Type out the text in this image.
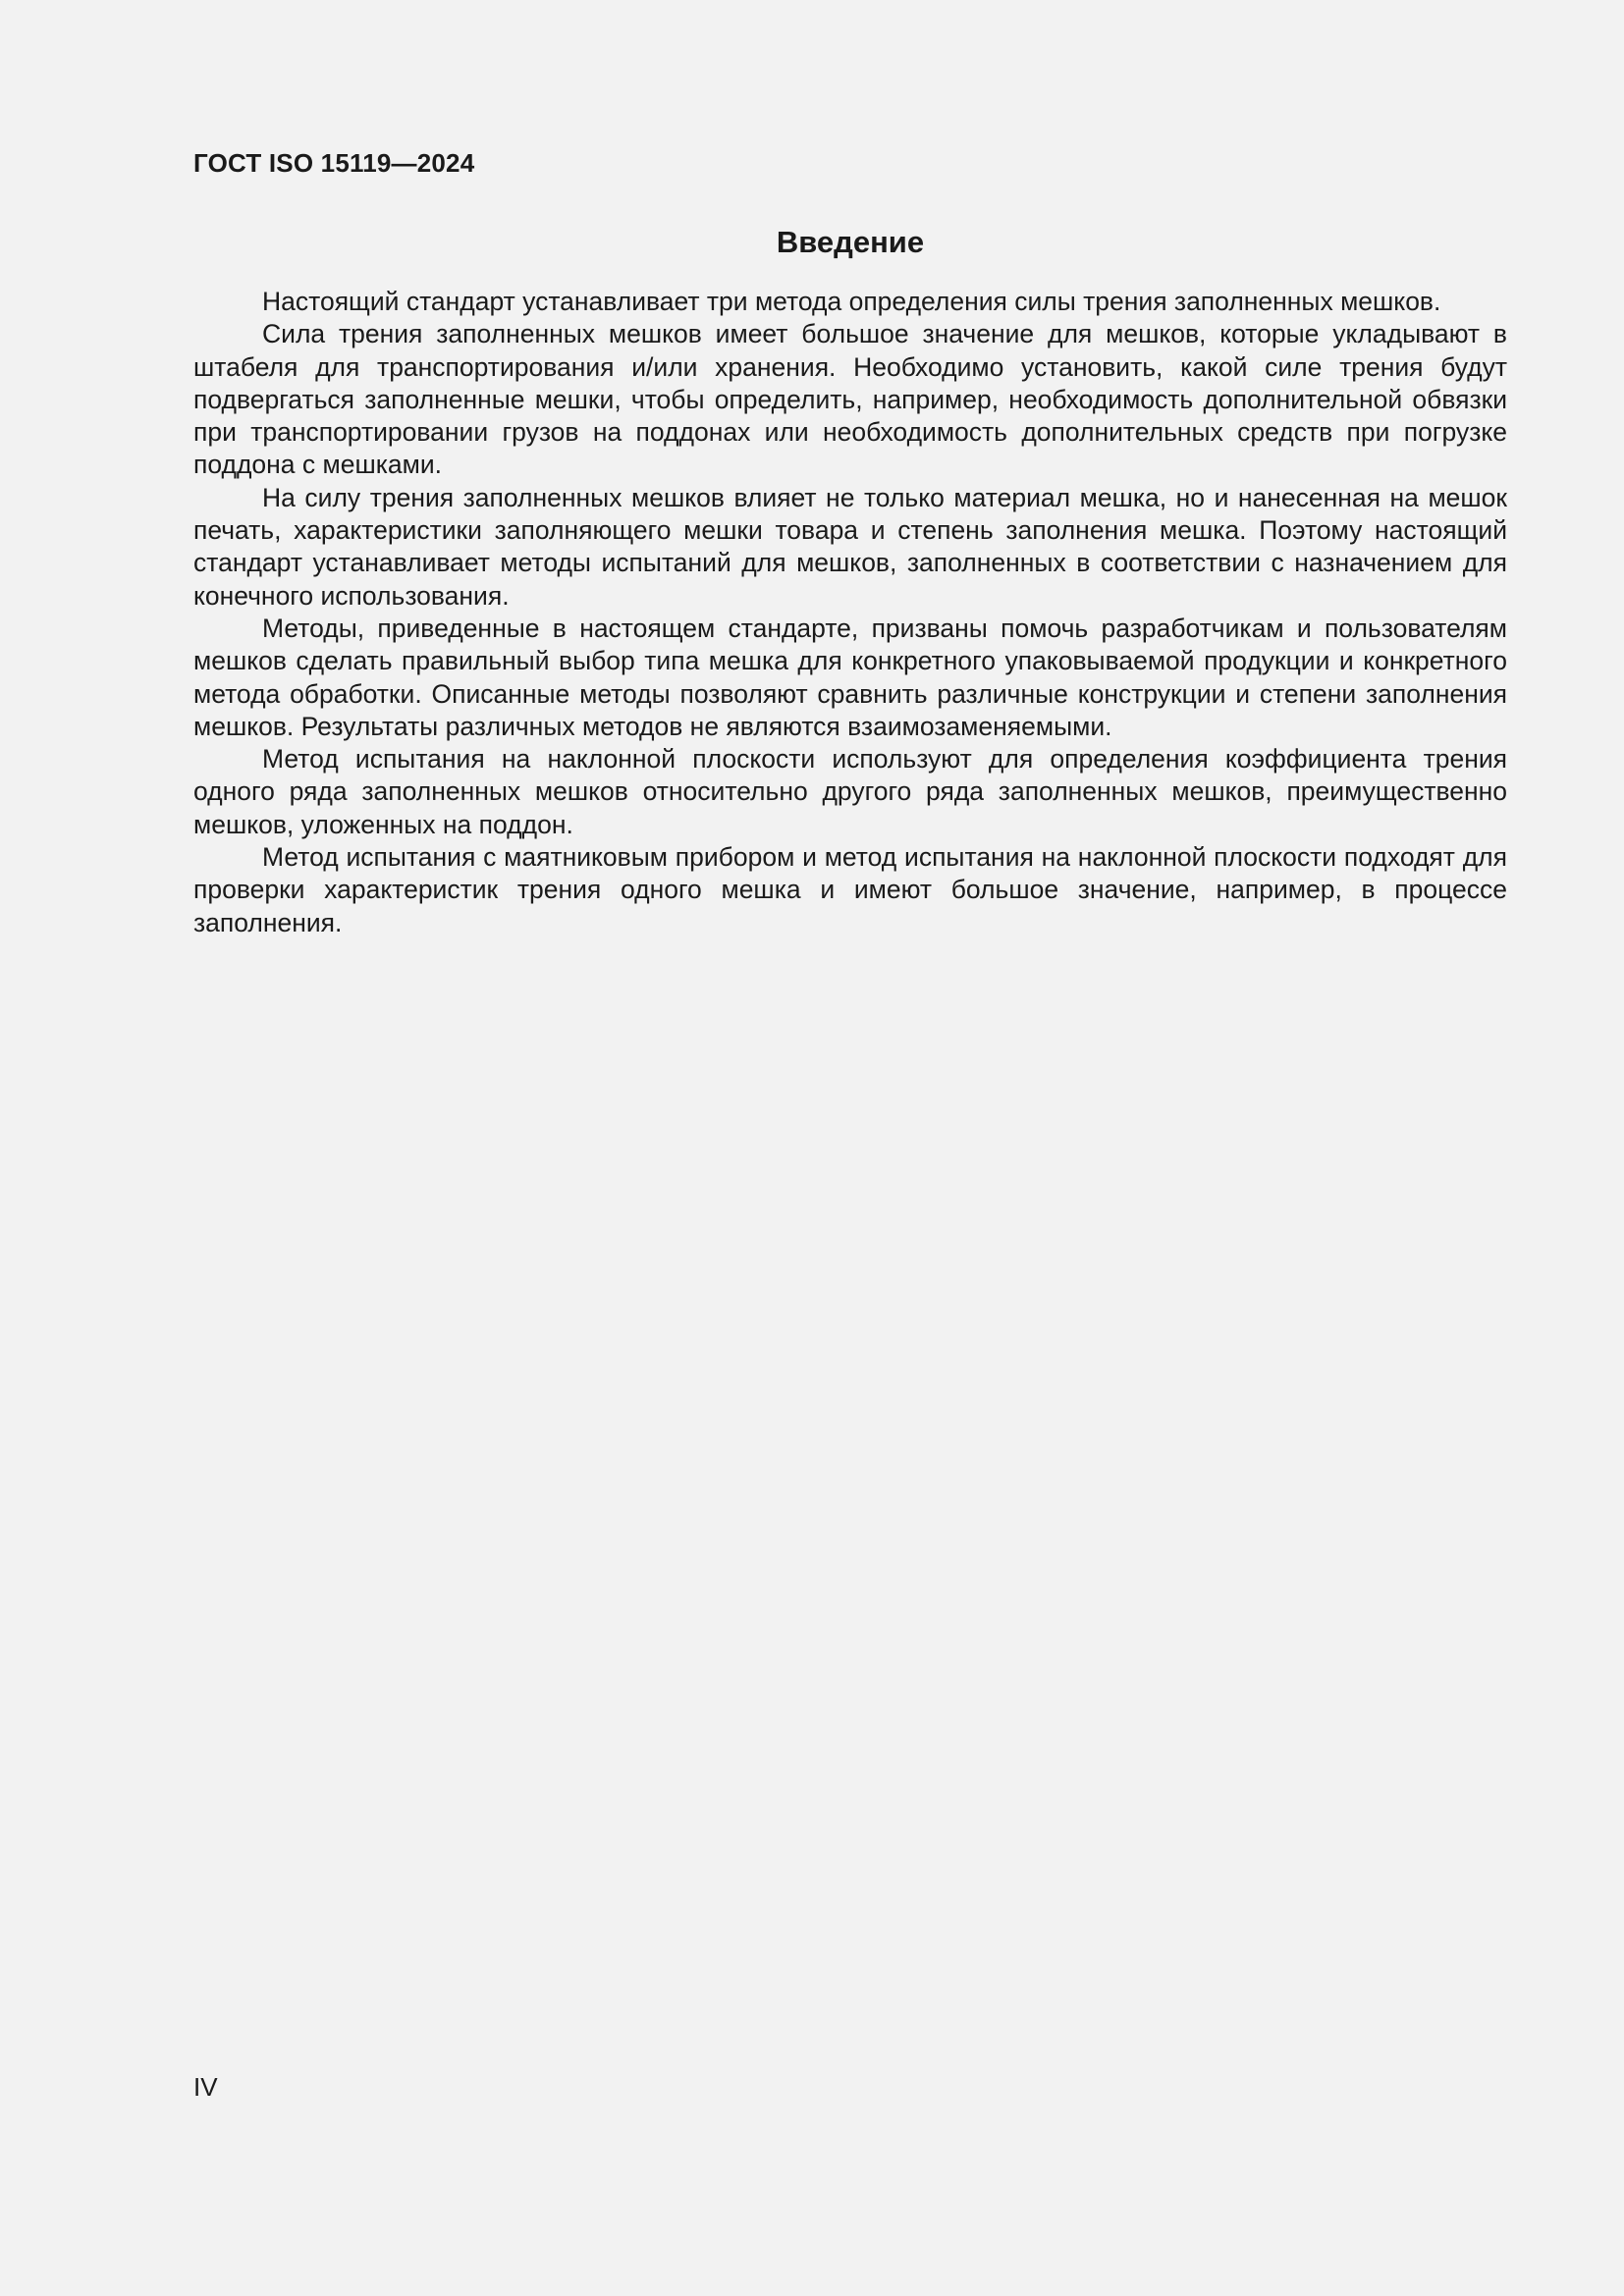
ГОСТ ISO 15119—2024
Введение

Настоящий стандарт устанавливает три метода определения силы трения заполненных мешков.

Сила трения заполненных мешков имеет большое значение для мешков, которые укладывают в штабеля для транспортирования и/или хранения. Необходимо установить, какой силе трения будут подвергаться заполненные мешки, чтобы определить, например, необходимость дополнительной обвязки при транспортировании грузов на поддонах или необходимость дополнительных средств при погрузке поддона с мешками.

На силу трения заполненных мешков влияет не только материал мешка, но и нанесенная на мешок печать, характеристики заполняющего мешки товара и степень заполнения мешка. Поэтому настоящий стандарт устанавливает методы испытаний для мешков, заполненных в соответствии с назначением для конечного использования.

Методы, приведенные в настоящем стандарте, призваны помочь разработчикам и пользователям мешков сделать правильный выбор типа мешка для конкретного упаковываемой продукции и конкретного метода обработки. Описанные методы позволяют сравнить различные конструкции и степени заполнения мешков. Результаты различных методов не являются взаимозаменяемыми.

Метод испытания на наклонной плоскости используют для определения коэффициента трения одного ряда заполненных мешков относительно другого ряда заполненных мешков, преимущественно мешков, уложенных на поддон.

Метод испытания с маятниковым прибором и метод испытания на наклонной плоскости подходят для проверки характеристик трения одного мешка и имеют большое значение, например, в процессе заполнения.

IV
